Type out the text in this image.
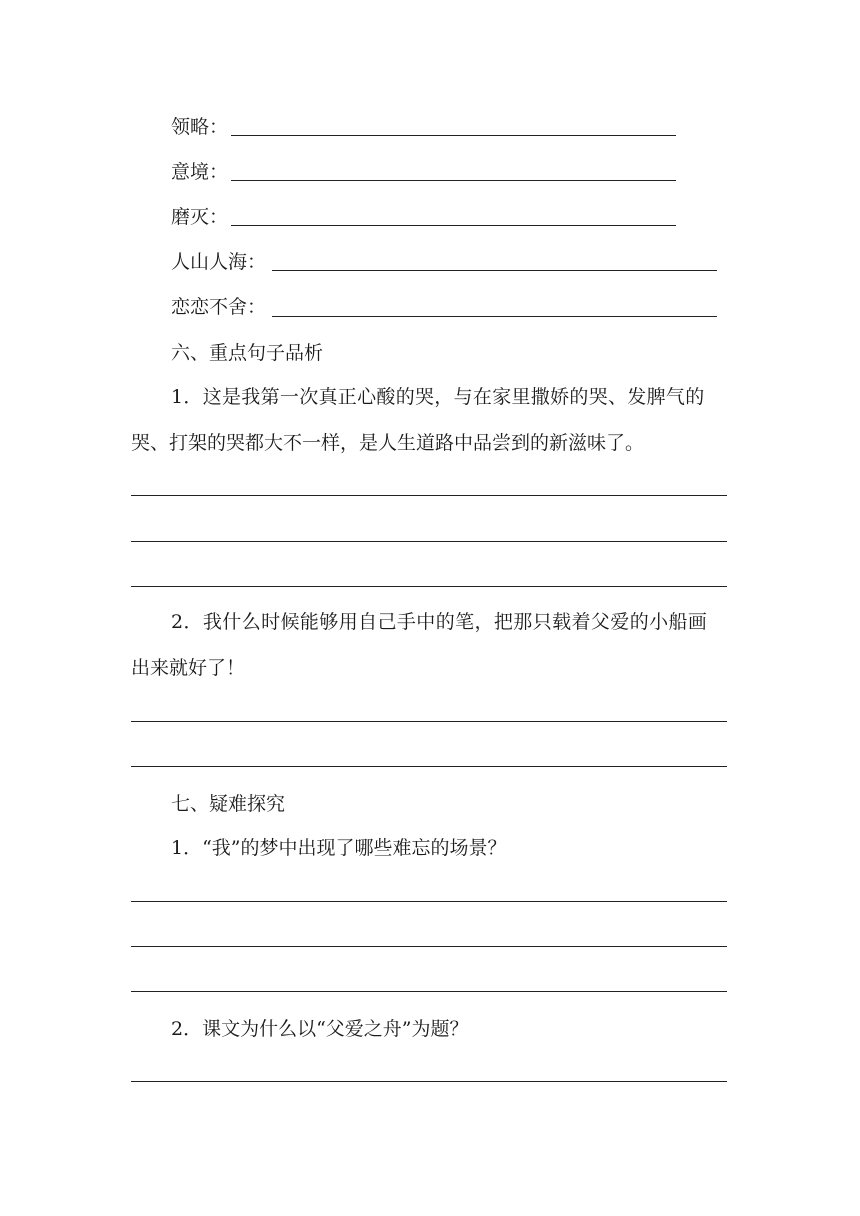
领略：
意境：
磨灭：
人山人海：
恋恋不舍：
六、重点句子品析
1．这是我第一次真正心酸的哭，与在家里撒娇的哭、发脾气的
哭、打架的哭都大不一样，是人生道路中品尝到的新滋味了。
2．我什么时候能够用自己手中的笔，把那只载着父爱的小船画
出来就好了！
七、疑难探究
1．“我”的梦中出现了哪些难忘的场景？
2．课文为什么以“父爱之舟”为题？
